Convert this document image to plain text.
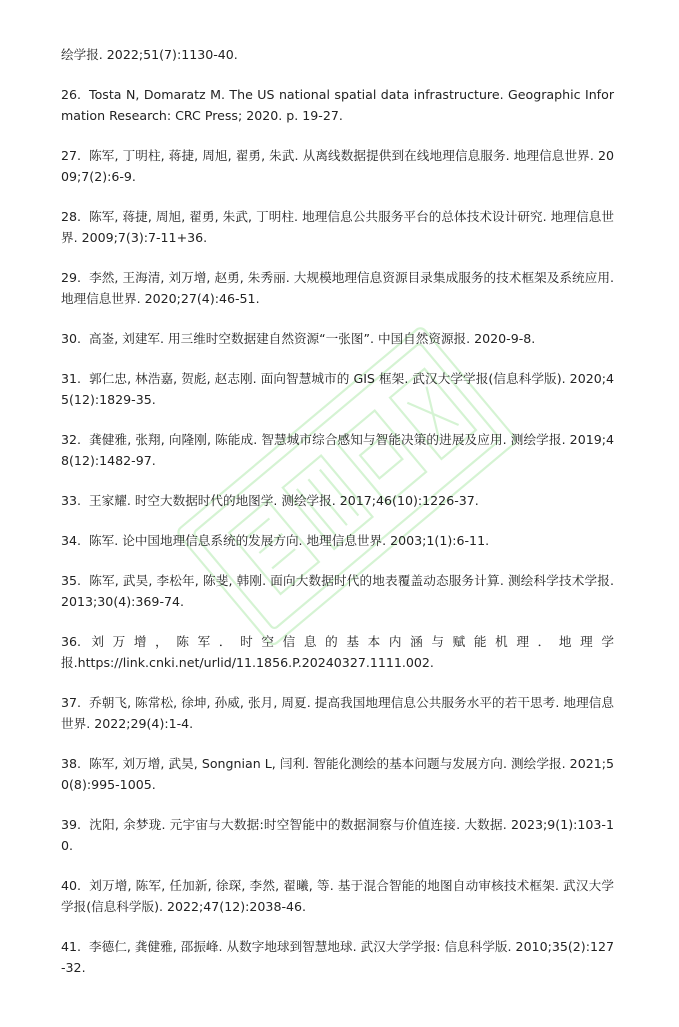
绘学报. 2022;51(7):1130-40.
26. Tosta N, Domaratz M. The US national spatial data infrastructure. Geographic Information Research: CRC Press; 2020. p. 19-27.
27. 陈军, 丁明柱, 蒋捷, 周旭, 翟勇, 朱武. 从离线数据提供到在线地理信息服务. 地理信息世界. 2009;7(2):6-9.
28. 陈军, 蒋捷, 周旭, 翟勇, 朱武, 丁明柱. 地理信息公共服务平台的总体技术设计研究. 地理信息世界. 2009;7(3):7-11+36.
29. 李然, 王海清, 刘万增, 赵勇, 朱秀丽. 大规模地理信息资源目录集成服务的技术框架及系统应用. 地理信息世界. 2020;27(4):46-51.
30. 高崟, 刘建军. 用三维时空数据建自然资源“一张图”. 中国自然资源报. 2020-9-8.
31. 郭仁忠, 林浩嘉, 贺彪, 赵志刚. 面向智慧城市的 GIS 框架. 武汉大学学报(信息科学版). 2020;45(12):1829-35.
32. 龚健雅, 张翔, 向隆刚, 陈能成. 智慧城市综合感知与智能决策的进展及应用. 测绘学报. 2019;48(12):1482-97.
33. 王家耀. 时空大数据时代的地图学. 测绘学报. 2017;46(10):1226-37.
34. 陈军. 论中国地理信息系统的发展方向. 地理信息世界. 2003;1(1):6-11.
35. 陈军, 武昊, 李松年, 陈斐, 韩刚. 面向大数据时代的地表覆盖动态服务计算. 测绘科学技术学报. 2013;30(4):369-74.
36. 刘 万 增 ， 陈 军 ． 时 空 信 息 的 基 本 内 涵 与 赋 能 机 理 ． 地 理 学
报.https://link.cnki.net/urlid/11.1856.P.20240327.1111.002.
37. 乔朝飞, 陈常松, 徐坤, 孙威, 张月, 周夏. 提高我国地理信息公共服务水平的若干思考. 地理信息世界. 2022;29(4):1-4.
38. 陈军, 刘万增, 武昊, Songnian L, 闫利. 智能化测绘的基本问题与发展方向. 测绘学报. 2021;50(8):995-1005.
39. 沈阳, 余梦珑. 元宇宙与大数据:时空智能中的数据洞察与价值连接. 大数据. 2023;9(1):103-10.
40. 刘万增, 陈军, 任加新, 徐琛, 李然, 翟曦, 等. 基于混合智能的地图自动审核技术框架. 武汉大学学报(信息科学版). 2022;47(12):2038-46.
41. 李德仁, 龚健雅, 邵振峰. 从数字地球到智慧地球. 武汉大学学报: 信息科学版. 2010;35(2):127-32.
